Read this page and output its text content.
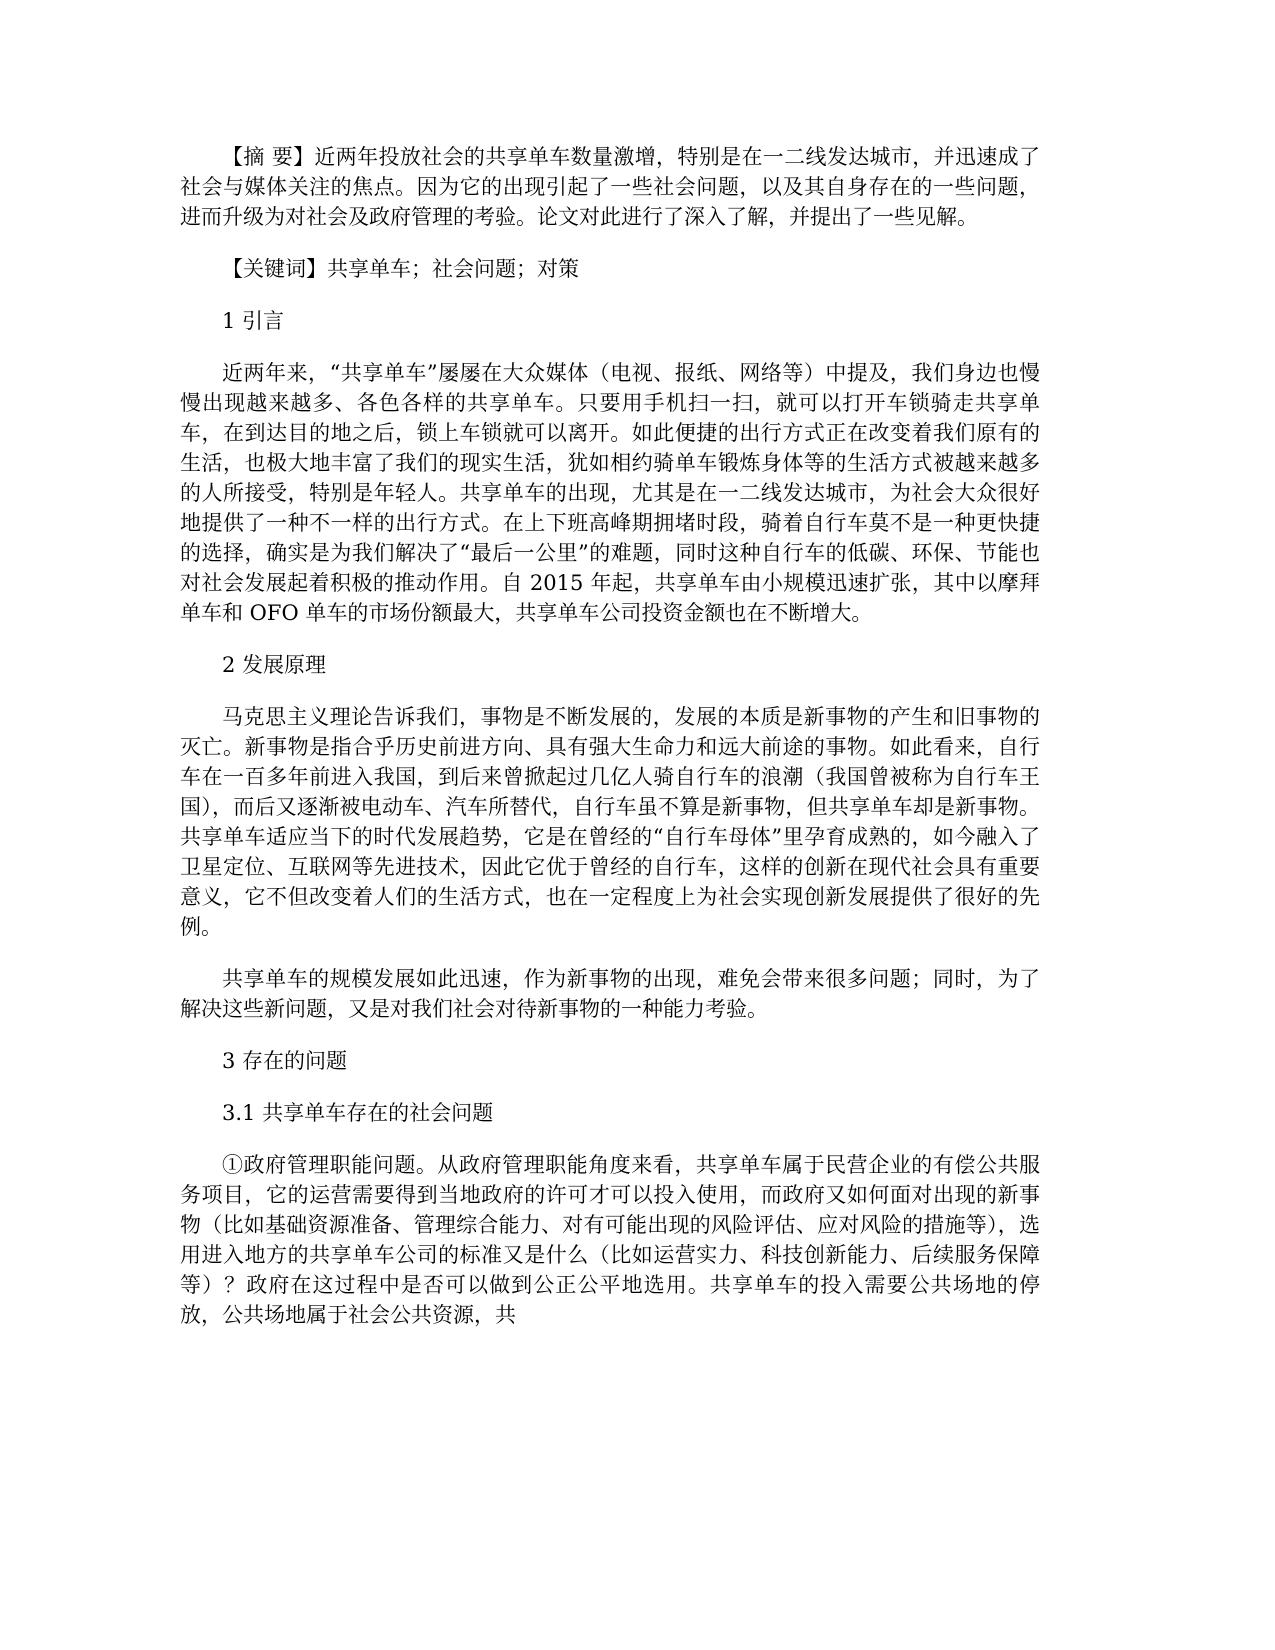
【摘 要】近两年投放社会的共享单车数量激增，特别是在一二线发达城市，并迅速成了社会与媒体关注的焦点。因为它的出现引起了一些社会问题，以及其自身存在的一些问题，进而升级为对社会及政府管理的考验。论文对此进行了深入了解，并提出了一些见解。

【关键词】共享单车；社会问题；对策

1 引言

近两年来，“共享单车”屡屡在大众媒体（电视、报纸、网络等）中提及，我们身边也慢慢出现越来越多、各色各样的共享单车。只要用手机扫一扫，就可以打开车锁骑走共享单车，在到达目的地之后，锁上车锁就可以离开。如此便捷的出行方式正在改变着我们原有的生活，也极大地丰富了我们的现实生活，犹如相约骑单车锻炼身体等的生活方式被越来越多的人所接受，特别是年轻人。共享单车的出现，尤其是在一二线发达城市，为社会大众很好地提供了一种不一样的出行方式。在上下班高峰期拥堵时段，骑着自行车莫不是一种更快捷的选择，确实是为我们解决了“最后一公里”的难题，同时这种自行车的低碳、环保、节能也对社会发展起着积极的推动作用。自 2015 年起，共享单车由小规模迅速扩张，其中以摩拜单车和 OFO 单车的市场份额最大，共享单车公司投资金额也在不断增大。

2 发展原理

马克思主义理论告诉我们，事物是不断发展的，发展的本质是新事物的产生和旧事物的灭亡。新事物是指合乎历史前进方向、具有强大生命力和远大前途的事物。如此看来，自行车在一百多年前进入我国，到后来曾掀起过几亿人骑自行车的浪潮（我国曾被称为自行车王国），而后又逐渐被电动车、汽车所替代，自行车虽不算是新事物，但共享单车却是新事物。共享单车适应当下的时代发展趋势，它是在曾经的“自行车母体”里孕育成熟的，如今融入了卫星定位、互联网等先进技术，因此它优于曾经的自行车，这样的创新在现代社会具有重要意义，它不但改变着人们的生活方式，也在一定程度上为社会实现创新发展提供了很好的先例。

共享单车的规模发展如此迅速，作为新事物的出现，难免会带来很多问题；同时，为了解决这些新问题，又是对我们社会对待新事物的一种能力考验。

3 存在的问题

3.1 共享单车存在的社会问题

①政府管理职能问题。从政府管理职能角度来看，共享单车属于民营企业的有偿公共服务项目，它的运营需要得到当地政府的许可才可以投入使用，而政府又如何面对出现的新事物（比如基础资源准备、管理综合能力、对有可能出现的风险评估、应对风险的措施等），选用进入地方的共享单车公司的标准又是什么（比如运营实力、科技创新能力、后续服务保障等）？政府在这过程中是否可以做到公正公平地选用。共享单车的投入需要公共场地的停放，公共场地属于社会公共资源，共
